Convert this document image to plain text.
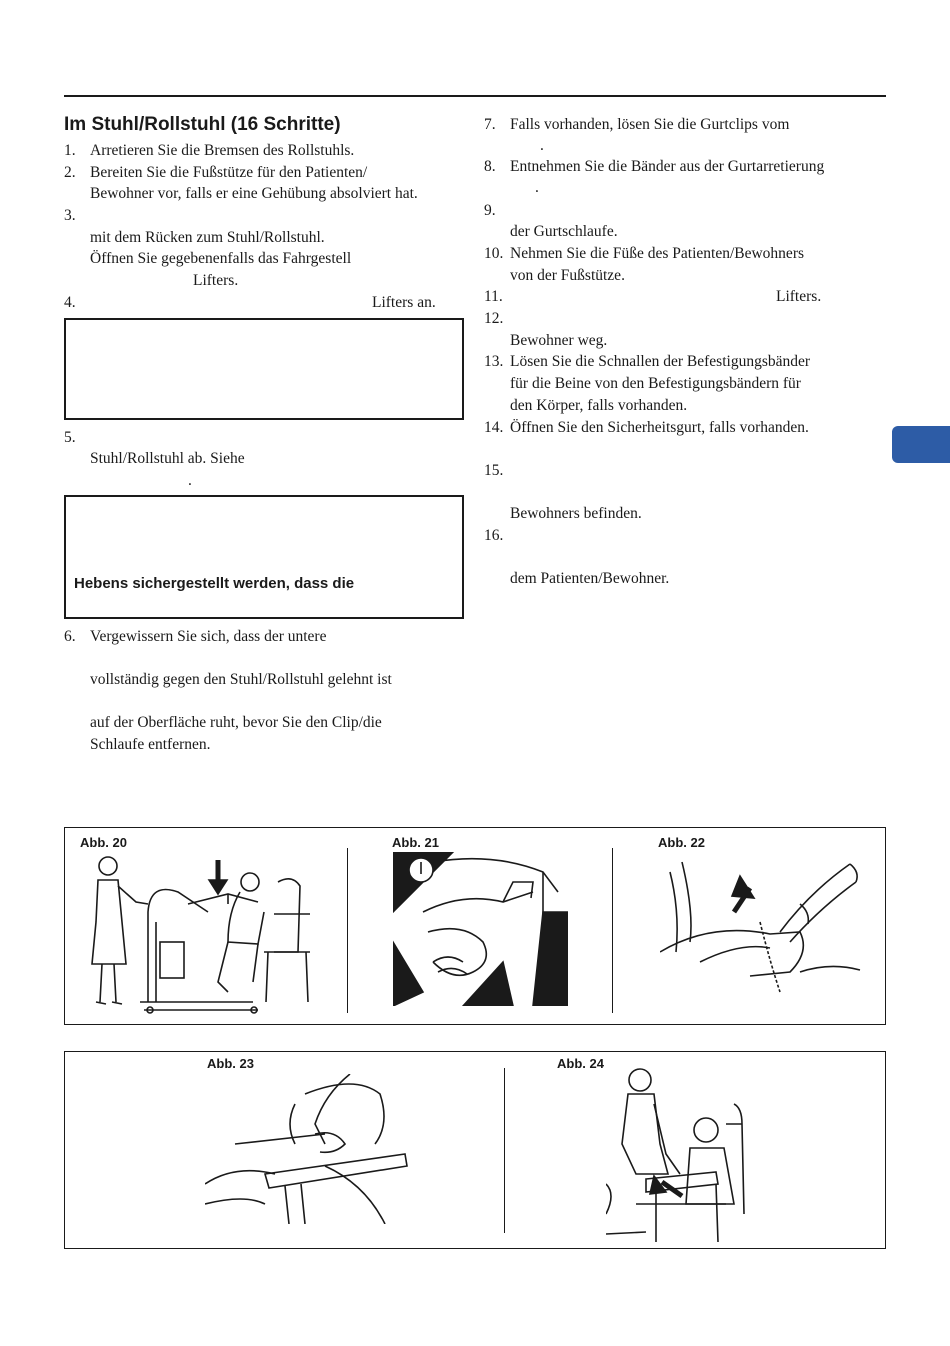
Im Stuhl/Rollstuhl (16 Schritte)
1. Arretieren Sie die Bremsen des Rollstuhls.
2. Bereiten Sie die Fußstütze für den Patienten/
Bewohner vor, falls er eine Gehübung absolviert hat.
3.
mit dem Rücken zum Stuhl/Rollstuhl.
Öffnen Sie gegebenenfalls das Fahrgestell
Lifters.
4.	Lifters an.
5.
Stuhl/Rollstuhl ab. Siehe
.
Hebens sichergestellt werden, dass die
6. Vergewissern Sie sich, dass der untere
vollständig gegen den Stuhl/Rollstuhl gelehnt ist
auf der Oberfläche ruht, bevor Sie den Clip/die
Schlaufe entfernen.
7. Falls vorhanden, lösen Sie die Gurtclips vom
.
8. Entnehmen Sie die Bänder aus der Gurtarretierung
.
9.
der Gurtschlaufe.
10. Nehmen Sie die Füße des Patienten/Bewohners
von der Fußstütze.
11.	Lifters.
12.
Bewohner weg.
13. Lösen Sie die Schnallen der Befestigungsbänder
für die Beine von den Befestigungsbändern für
den Körper, falls vorhanden.
14. Öffnen Sie den Sicherheitsgurt, falls vorhanden.
15.
Bewohners befinden.
16.
dem Patienten/Bewohner.
Abb. 20	Abb. 21	Abb. 22
Abb. 23	Abb. 24
